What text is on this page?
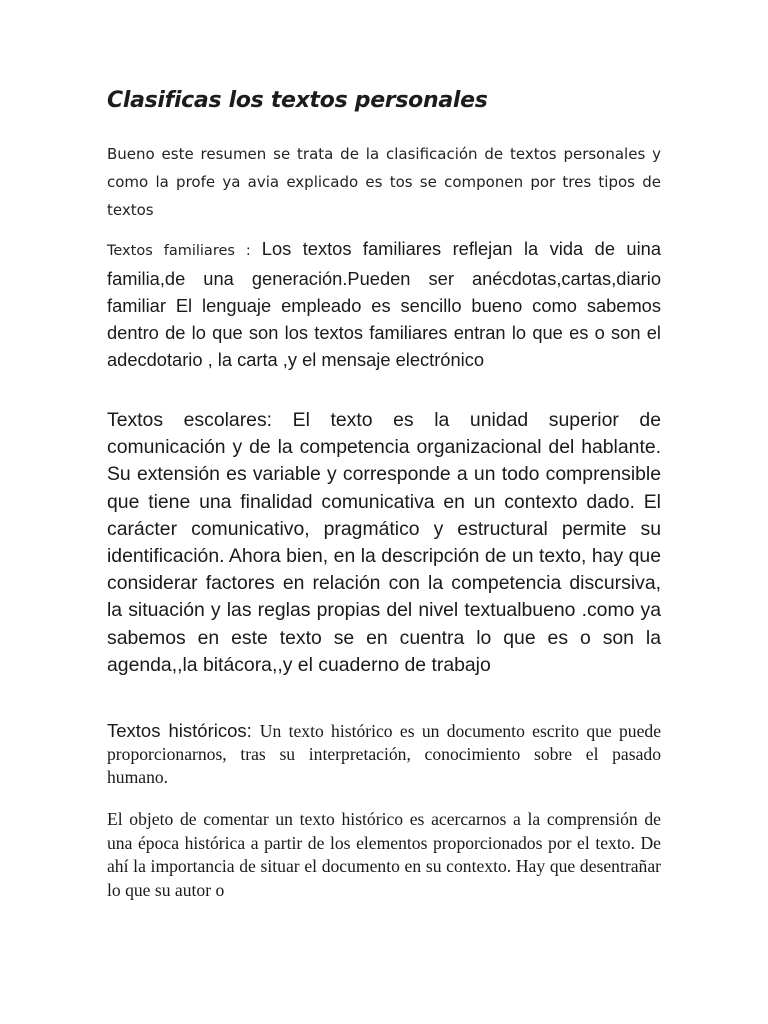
Clasificas los textos personales

Bueno este resumen se trata de la clasificación de textos personales y como la profe ya avia explicado es tos se componen por tres tipos de textos

Textos familiares : Los textos familiares reflejan la vida de uina familia,de una generación.Pueden ser anécdotas,cartas,diario familiar El lenguaje empleado es sencillo bueno como sabemos dentro de lo que son los textos familiares entran lo que es o son el adecdotario , la carta ,y el mensaje electrónico

Textos escolares: El texto es la unidad superior de comunicación y de la competencia organizacional del hablante. Su extensión es variable y corresponde a un todo comprensible que tiene una finalidad comunicativa en un contexto dado. El carácter comunicativo, pragmático y estructural permite su identificación. Ahora bien, en la descripción de un texto, hay que considerar factores en relación con la competencia discursiva, la situación y las reglas propias del nivel textualbueno .como ya sabemos en este texto se en cuentra lo que es o son la agenda,,la bitácora,,y el cuaderno de trabajo

Textos históricos: Un texto histórico es un documento escrito que puede proporcionarnos, tras su interpretación, conocimiento sobre el pasado humano.

El objeto de comentar un texto histórico es acercarnos a la comprensión de una época histórica a partir de los elementos proporcionados por el texto. De ahí la importancia de situar el documento en su contexto. Hay que desentrañar lo que su autor o
